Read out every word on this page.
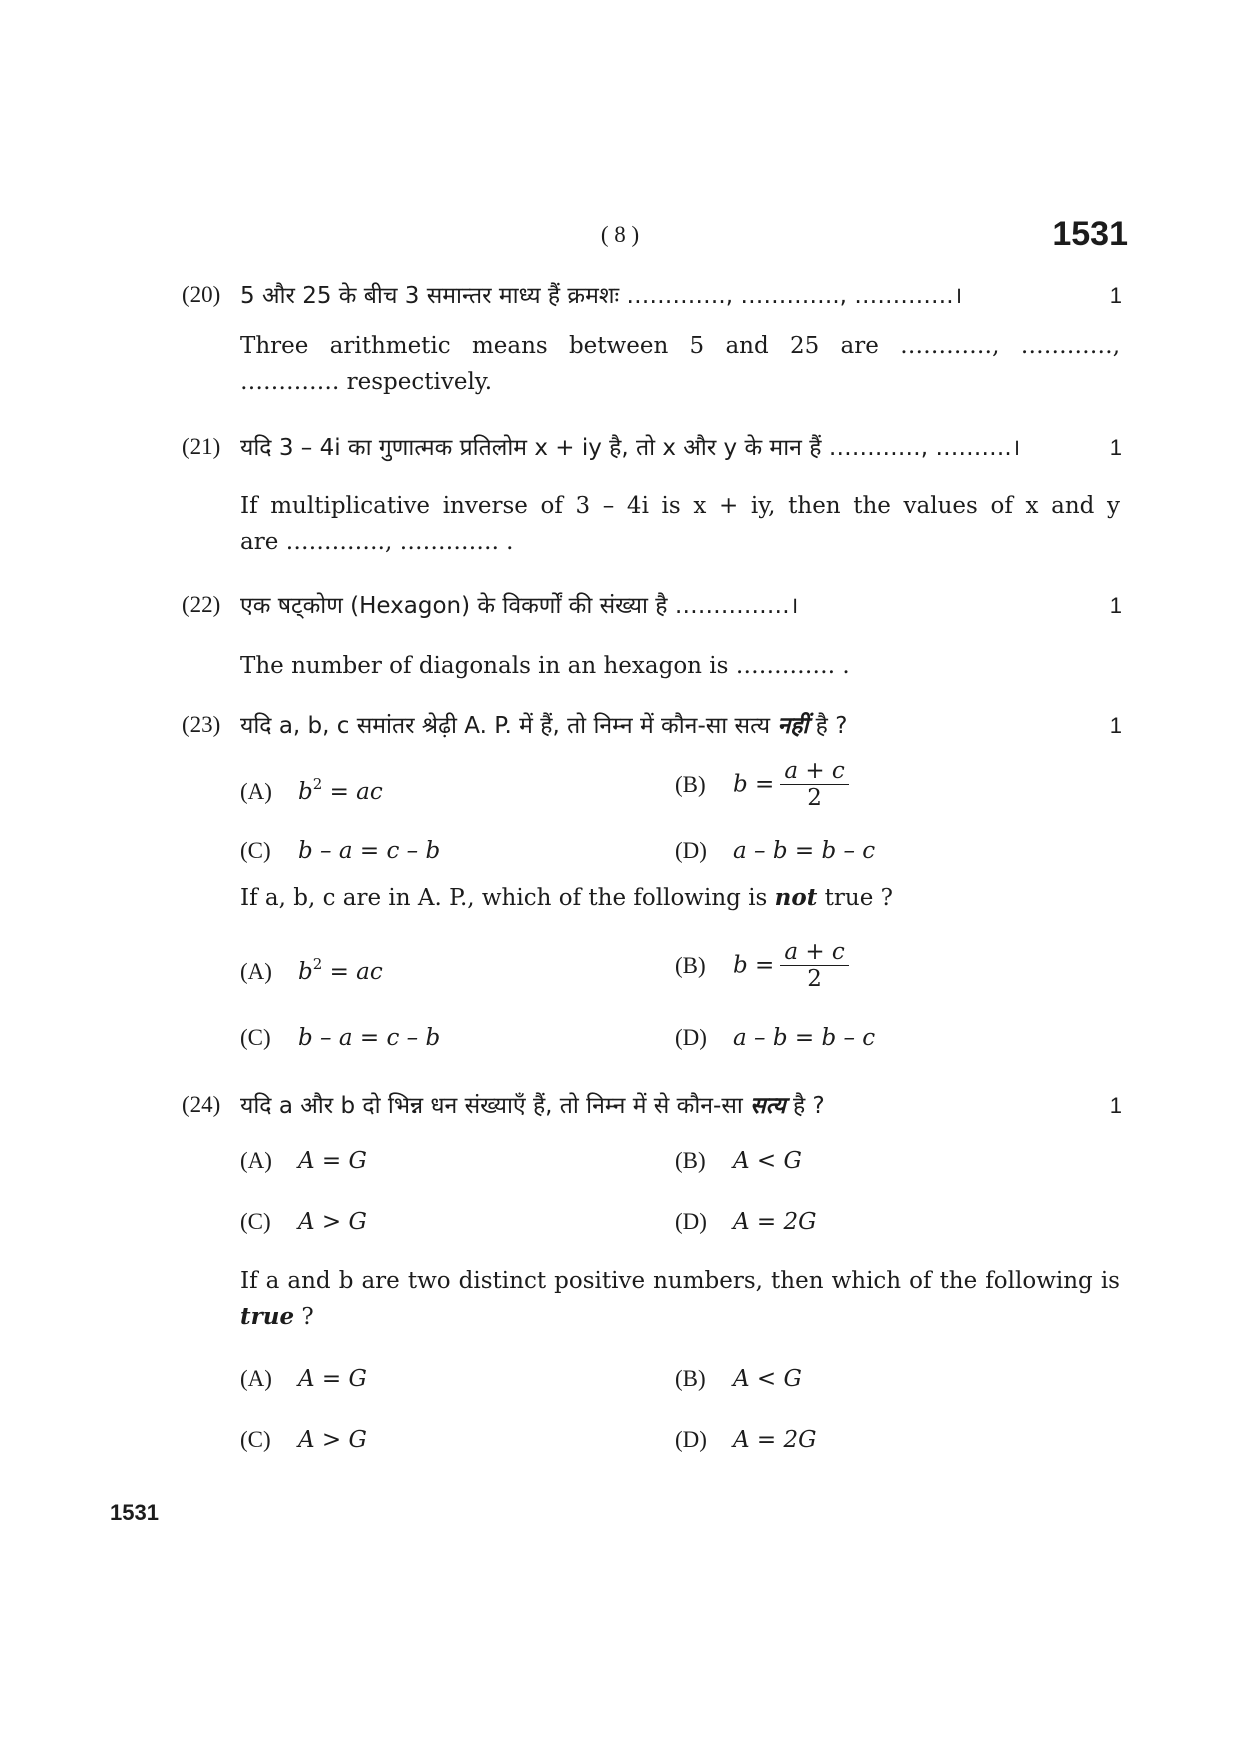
( 8 )	1531
(20) 5 और 25 के बीच 3 समान्तर माध्य हैं क्रमशः …………., …………., ………….।	1
Three arithmetic means between 5 and 25 are …………, …………,
…………. respectively.
(21) यदि 3 – 4i का गुणात्मक प्रतिलोम x + iy है, तो x और y के मान हैं …………, ……….।	1
If multiplicative inverse of 3 – 4i is x + iy, then the values of x and y
are …………., …………. .
(22) एक षट्कोण (Hexagon) के विकर्णों की संख्या है ……………।	1
The number of diagonals in an hexagon is …………. .
(23) यदि a, b, c समांतर श्रेढ़ी A. P. में हैं, तो निम्न में कौन-सा सत्य नहीं है ?	1
(A) $b^2$ = ac	(B) $b = \frac{a + c}{2}$
(C) b – a = c – b	(D) a – b = b – c
If a, b, c are in A. P., which of the following is not true ?
(A) $b^2$ = ac	(B) $b = \frac{a + c}{2}$
(C) b – a = c – b	(D) a – b = b – c
(24) यदि a और b दो भिन्न धन संख्याएँ हैं, तो निम्न में से कौन-सा सत्य है ?	1
(A) A = G	(B) A < G
(C) A > G	(D) A = 2G
If a and b are two distinct positive numbers, then which of the following is
true ?
(A) A = G	(B) A < G
(C) A > G	(D) A = 2G
1531
